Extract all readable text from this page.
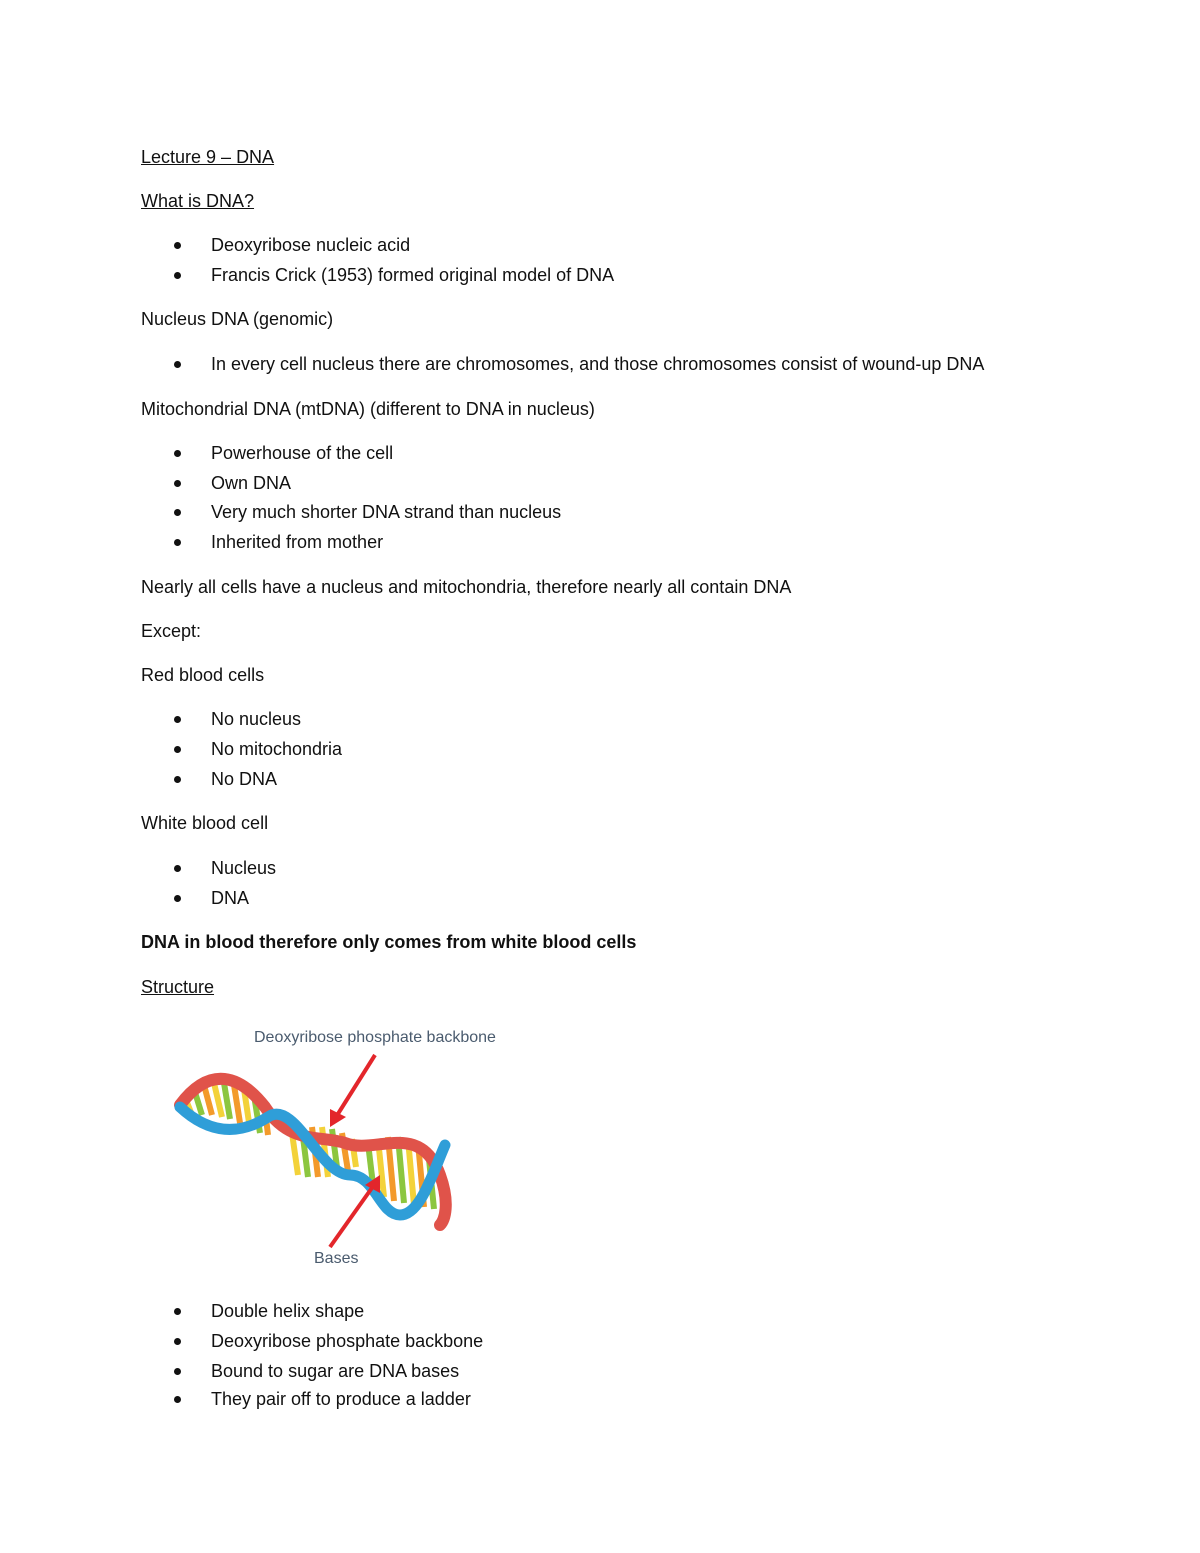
Lecture 9 – DNA
What is DNA?
Deoxyribose nucleic acid
Francis Crick (1953) formed original model of DNA
Nucleus DNA (genomic)
In every cell nucleus there are chromosomes, and those chromosomes consist of wound-up DNA
Mitochondrial DNA (mtDNA) (different to DNA in nucleus)
Powerhouse of the cell
Own DNA
Very much shorter DNA strand than nucleus
Inherited from mother
Nearly all cells have a nucleus and mitochondria, therefore nearly all contain DNA
Except:
Red blood cells
No nucleus
No mitochondria
No DNA
White blood cell
Nucleus
DNA
DNA in blood therefore only comes from white blood cells
Structure
Deoxyribose phosphate backbone
Bases
Double helix shape
Deoxyribose phosphate backbone
Bound to sugar are DNA bases
They pair off to produce a ladder
